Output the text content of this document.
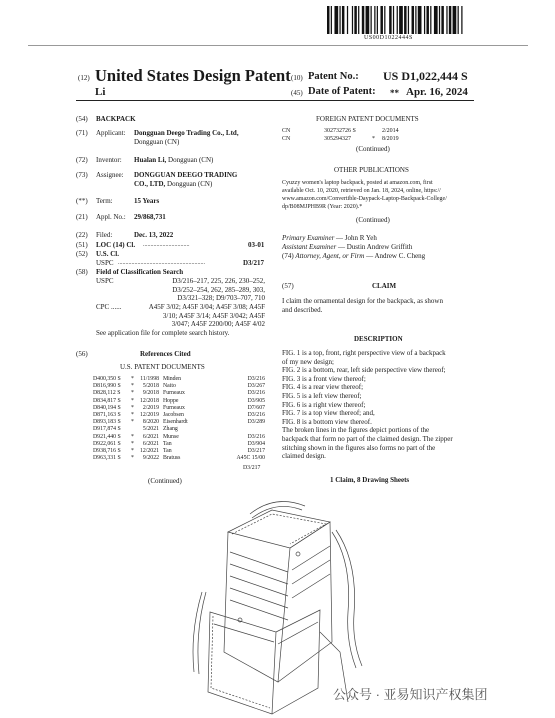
US00D1022444S
(12) United States Design Patent
Li
(10) Patent No.: US D1,022,444 S
(45) Date of Patent: ** Apr. 16, 2024
(54) BACKPACK
(71) Applicant: Dongguan Deego Trading Co., Ltd,
Dongguan (CN)
(72) Inventor: Hualan Li, Dongguan (CN)
(73) Assignee: DONGGUAN DEEGO TRADING
CO., LTD, Dongguan (CN)
(**) Term:	15 Years
(21) Appl. No.: 29/868,731
(22) Filed:	Dec. 13, 2022
(51) LOC (14) Cl. ...............................	03-01
(52) U.S. Cl.
USPC ..........................................................	D3/217
(58) Field of Classification Search
USPC	D3/216–217, 225, 226, 230–252,
D3/252–254, 262, 285–289, 303,
D3/321–328; D9/703–707, 710
CPC ......	A45F 3/02; A45F 3/04; A45F 3/08; A45F
3/10; A45F 3/14; A45F 3/042; A45F
3/047; A45F 2200/00; A45F 4/02
See application file for complete search history.
(56)	References Cited
U.S. PATENT DOCUMENTS
D400,350 S	*	11/1998	Minden	D3/216
D816,990 S	*	5/2018	Naito	D3/267
D828,112 S	*	9/2018	Furneaux	D3/216
D834,817 S	*	12/2018	Hoppe	D3/905
D840,194 S	*	2/2019	Furneaux	D7/607
D871,163 S	*	12/2019	Jacobsen	D3/216
D893,183 S	*	8/2020	Eisenhardt	D3/289
D917,874 S		5/2021	Zhang	
D921,440 S	*	6/2021	Munse	D3/216
D922,061 S	*	6/2021	Tan	D3/904
D938,716 S	*	12/2021	Tan	D3/217
D963,331 S	*	9/2022	Bratuss	A45C 15/00
D3/217
(Continued)
FOREIGN PATENT DOCUMENTS
CN	302732726 S	2/2014
CN	305294327	* 8/2019
(Continued)
OTHER PUBLICATIONS
Cyuzzy women's laptop backpack, posted at amazon.com, first
available Oct. 10, 2020, retrieved on Jan. 18, 2024, online, https://
www.amazon.com/Convertible-Daypack-Laptop-Backpack-College/
dp/B08MJPHB9R (Year: 2020).*
(Continued)
Primary Examiner — John R Yeh
Assistant Examiner — Dustin Andrew Griffith
(74) Attorney, Agent, or Firm — Andrew C. Cheng
(57)	CLAIM
I claim the ornamental design for the backpack, as shown
and described.
DESCRIPTION
FIG. 1 is a top, front, right perspective view of a backpack
of my new design;
FIG. 2 is a bottom, rear, left side perspective view thereof;
FIG. 3 is a front view thereof;
FIG. 4 is a rear view thereof;
FIG. 5 is a left view thereof;
FIG. 6 is a right view thereof;
FIG. 7 is a top view thereof; and,
FIG. 8 is a bottom view thereof.
The broken lines in the figures depict portions of the
backpack that form no part of the claimed design. The zipper
stitching shown in the figures also forms no part of the
claimed design.
1 Claim, 8 Drawing Sheets
公众号 · 亚易知识产权集团
